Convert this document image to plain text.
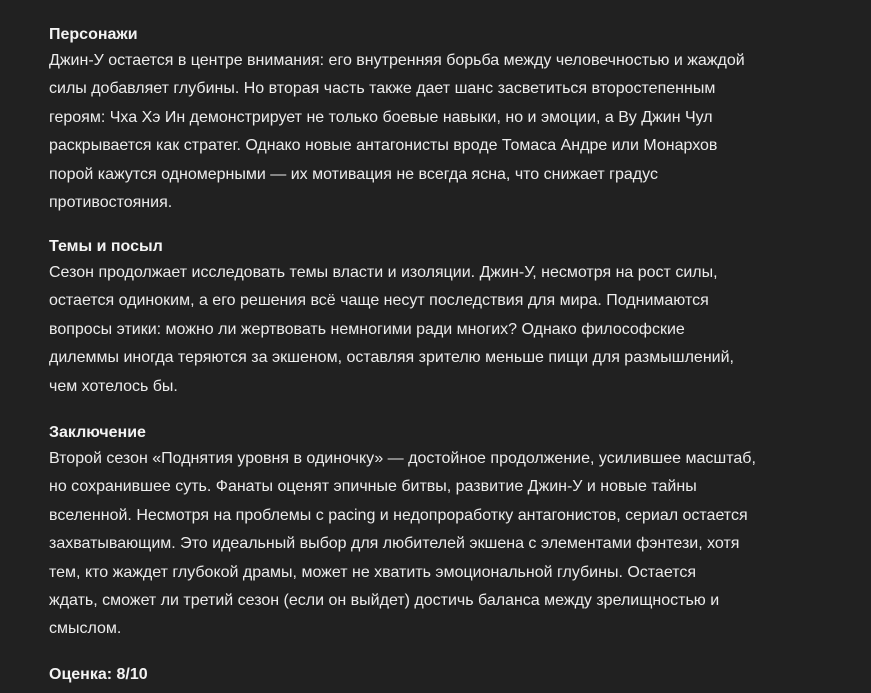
Персонажи

Джин-У остается в центре внимания: его внутренняя борьба между человечностью и жаждой
силы добавляет глубины. Но вторая часть также дает шанс засветиться второстепенным
героям: Чха Хэ Ин демонстрирует не только боевые навыки, но и эмоции, а Ву Джин Чул
раскрывается как стратег. Однако новые антагонисты вроде Томаса Андре или Монархов
порой кажутся одномерными — их мотивация не всегда ясна, что снижает градус
противостояния.

Темы и посыл

Сезон продолжает исследовать темы власти и изоляции. Джин-У, несмотря на рост силы,
остается одиноким, а его решения всё чаще несут последствия для мира. Поднимаются
вопросы этики: можно ли жертвовать немногими ради многих? Однако философские
дилеммы иногда теряются за экшеном, оставляя зрителю меньше пищи для размышлений,
чем хотелось бы.

Заключение

Второй сезон «Поднятия уровня в одиночку» — достойное продолжение, усилившее масштаб,
но сохранившее суть. Фанаты оценят эпичные битвы, развитие Джин-У и новые тайны
вселенной. Несмотря на проблемы с pacing и недопроработку антагонистов, сериал остается
захватывающим. Это идеальный выбор для любителей экшена с элементами фэнтези, хотя
тем, кто жаждет глубокой драмы, может не хватить эмоциональной глубины. Остается
ждать, сможет ли третий сезон (если он выйдет) достичь баланса между зрелищностью и
смыслом.

Оценка: 8/10
